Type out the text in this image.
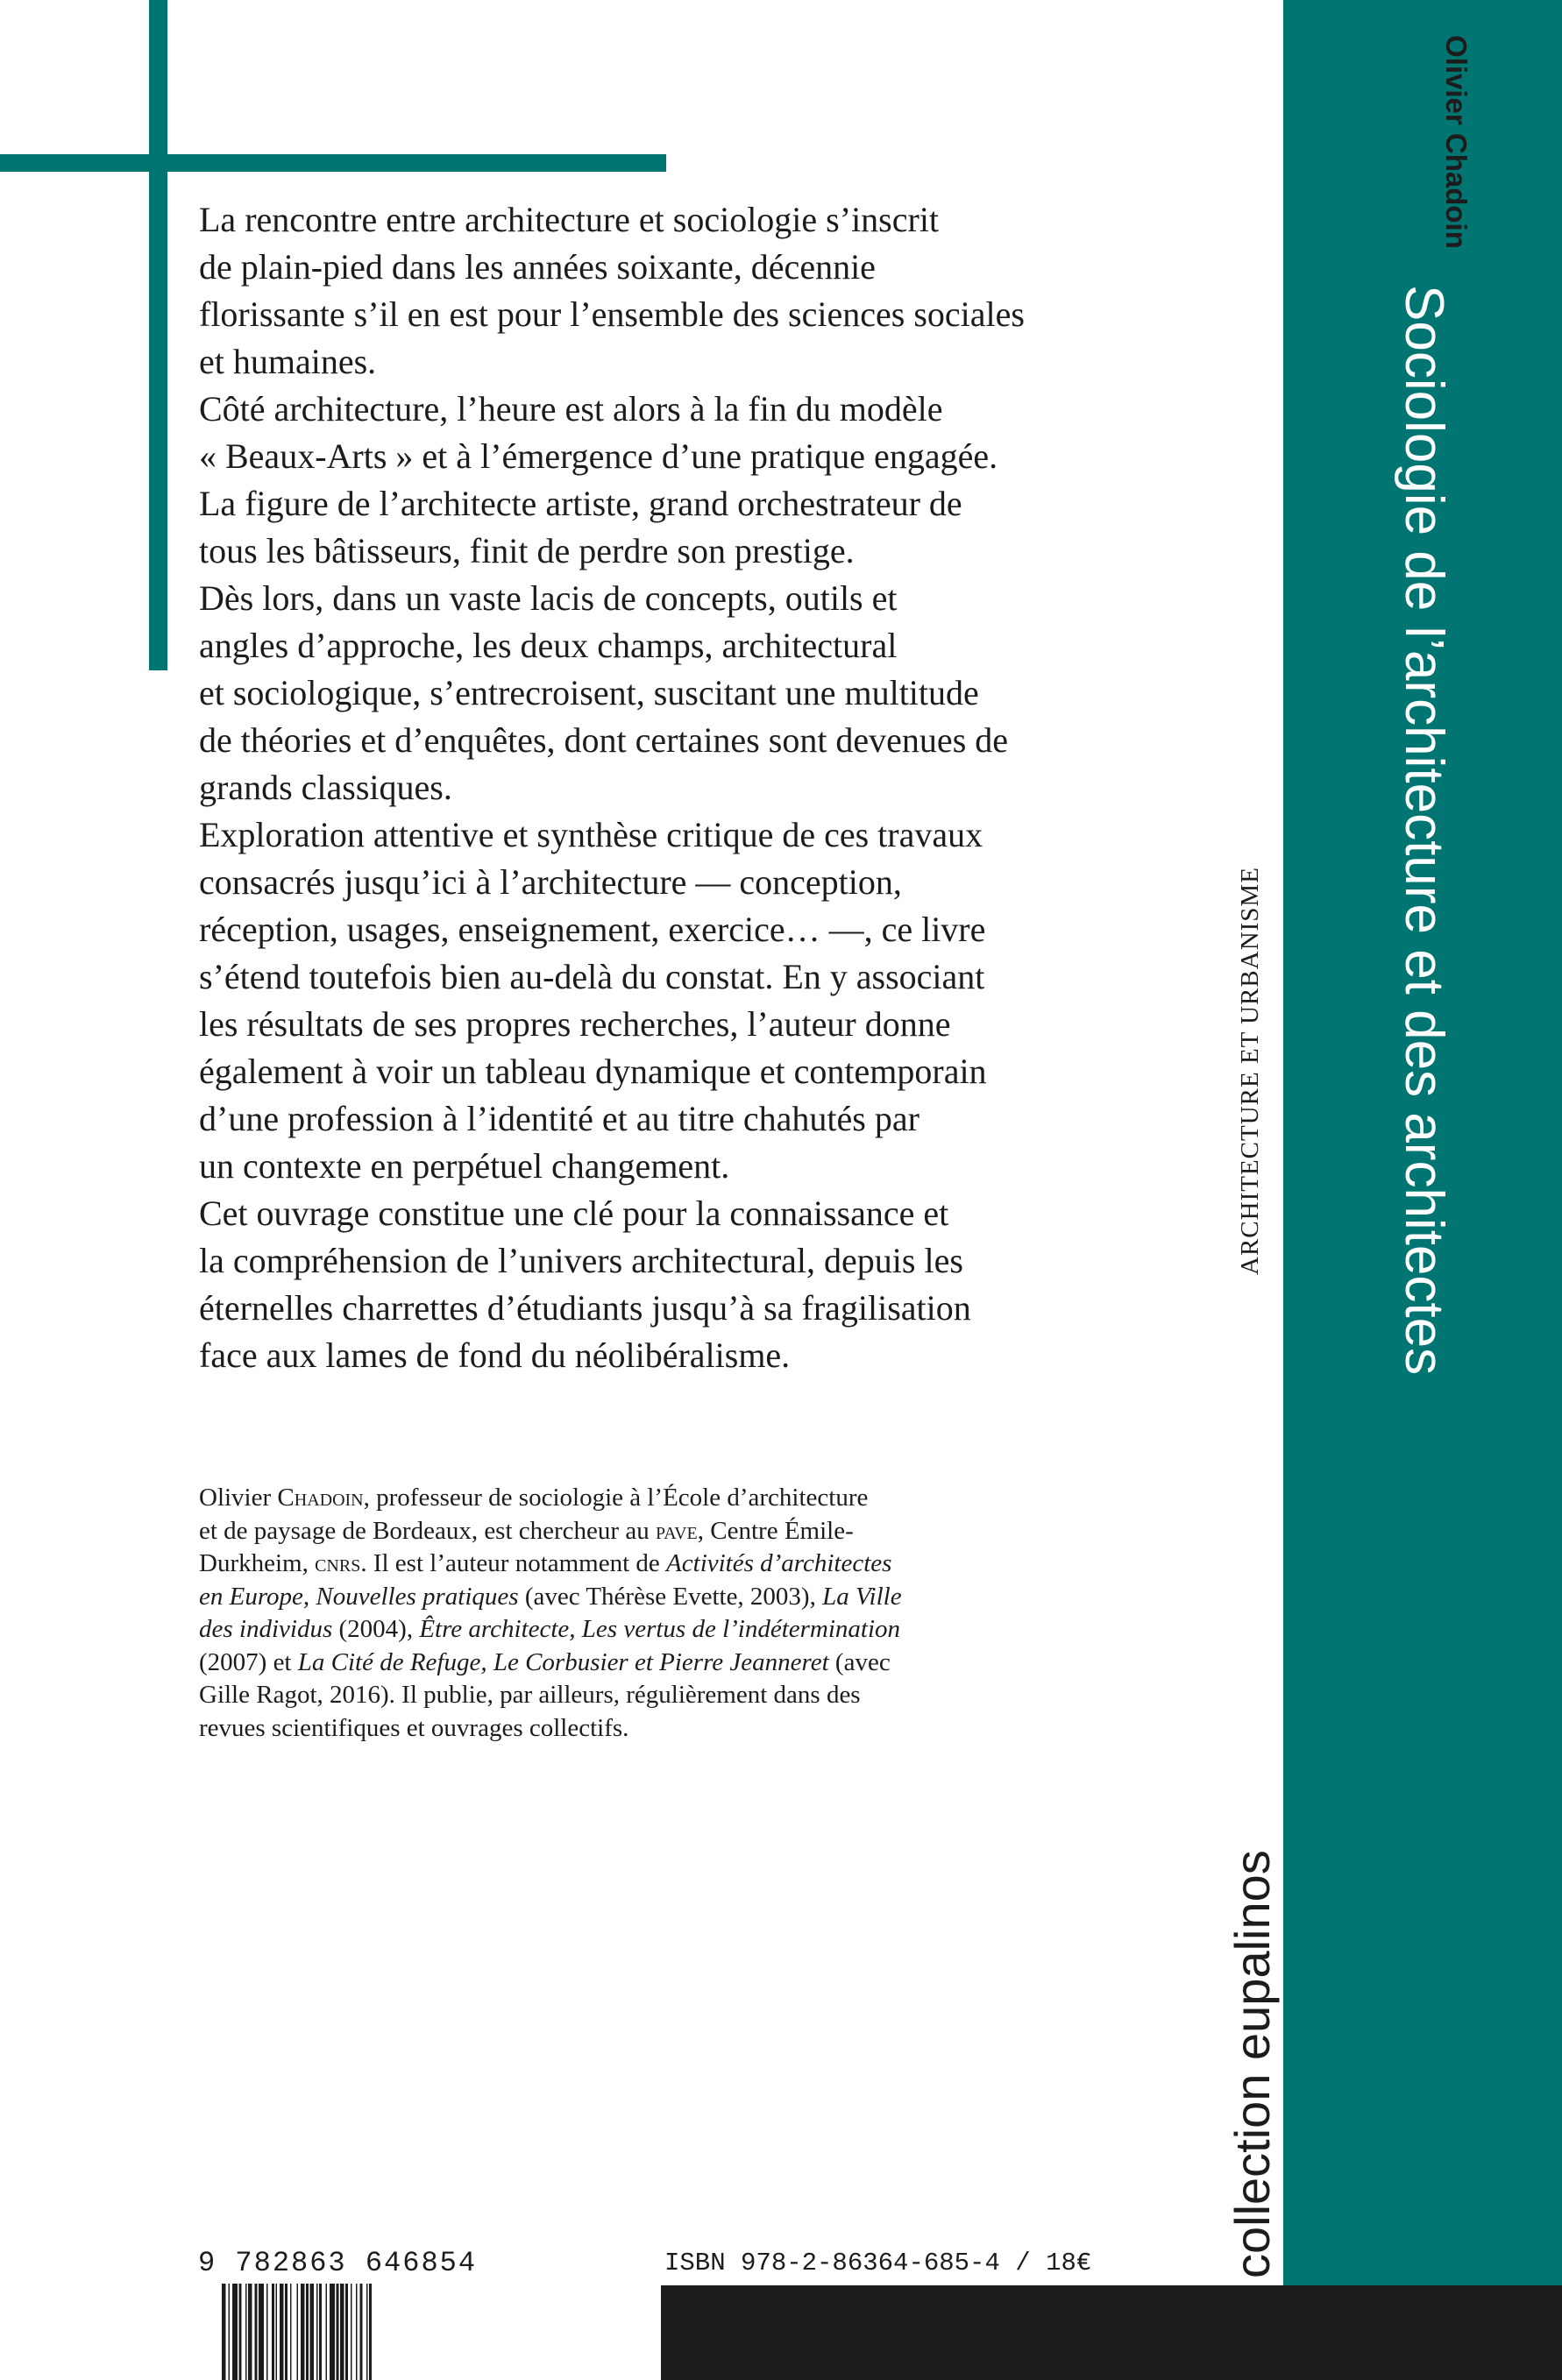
La rencontre entre architecture et sociologie s’inscrit
de plain-pied dans les années soixante, décennie
florissante s’il en est pour l’ensemble des sciences sociales
et humaines.
Côté architecture, l’heure est alors à la fin du modèle
« Beaux-Arts » et à l’émergence d’une pratique engagée.
La figure de l’architecte artiste, grand orchestrateur de
tous les bâtisseurs, finit de perdre son prestige.
Dès lors, dans un vaste lacis de concepts, outils et
angles d’approche, les deux champs, architectural
et sociologique, s’entrecroisent, suscitant une multitude
de théories et d’enquêtes, dont certaines sont devenues de
grands classiques.
Exploration attentive et synthèse critique de ces travaux
consacrés jusqu’ici à l’architecture — conception,
réception, usages, enseignement, exercice… —, ce livre
s’étend toutefois bien au-delà du constat. En y associant
les résultats de ses propres recherches, l’auteur donne
également à voir un tableau dynamique et contemporain
d’une profession à l’identité et au titre chahutés par
un contexte en perpétuel changement.
Cet ouvrage constitue une clé pour la connaissance et
la compréhension de l’univers architectural, depuis les
éternelles charrettes d’étudiants jusqu’à sa fragilisation
face aux lames de fond du néolibéralisme.
Olivier Chadoin, professeur de sociologie à l’École d’architecture
et de paysage de Bordeaux, est chercheur au pave, Centre Émile-
Durkheim, cnrs. Il est l’auteur notamment de Activités d’architectes
en Europe, Nouvelles pratiques (avec Thérèse Evette, 2003), La Ville
des individus (2004), Être architecte, Les vertus de l’indétermination
(2007) et La Cité de Refuge, Le Corbusier et Pierre Jeanneret (avec
Gille Ragot, 2016). Il publie, par ailleurs, régulièrement dans des
revues scientifiques et ouvrages collectifs.
Sociologie de l’architecture et des architectes
Olivier Chadoin
collection eupalinos
ARCHITECTURE ET URBANISME
9 782863 646854	ISBN 978-2-86364-685-4 / 18€
